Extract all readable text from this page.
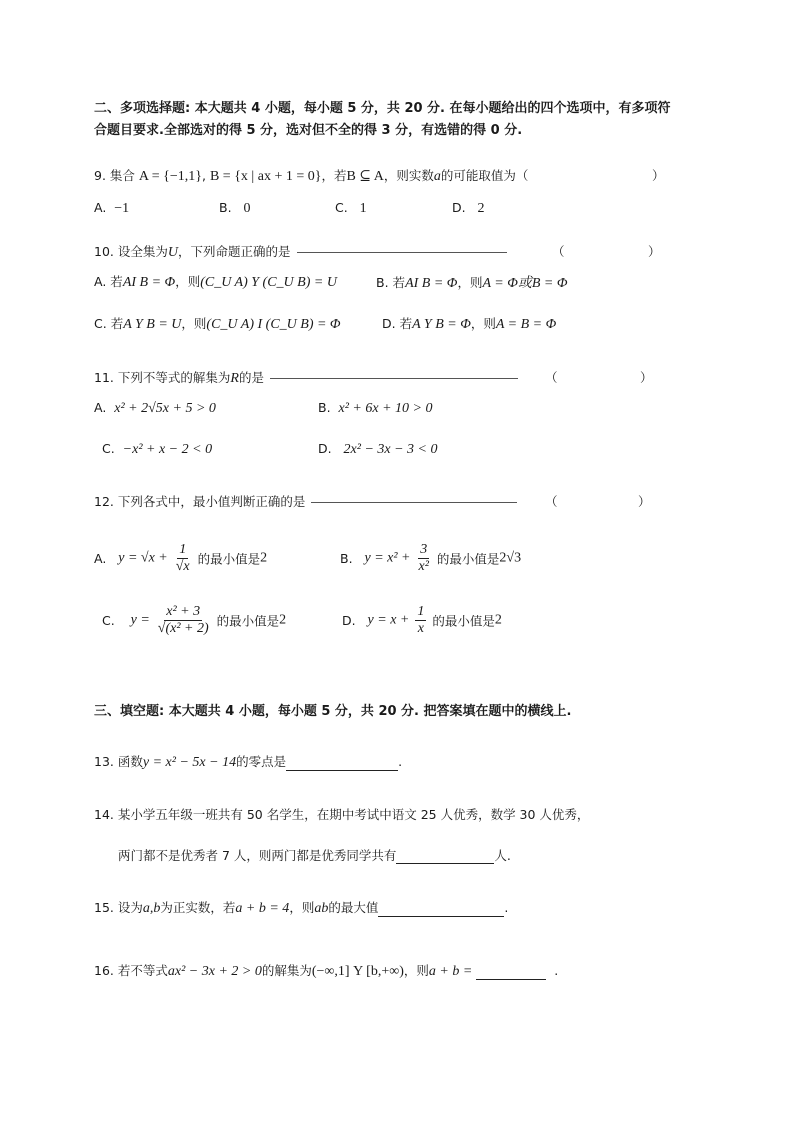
二、多项选择题: 本大题共 4 小题，每小题 5 分，共 20 分. 在每小题给出的四个选项中，有多项符
合题目要求.全部选对的得 5 分，选对但不全的得 3 分，有选错的得 0 分.
9. 集合 A = {−1,1}, B = {x | ax + 1 = 0}，若B ⊆ A，则实数a的可能取值为（	）
A. −1	B. 0	C. 1	D. 2
10. 设全集为U，下列命题正确的是	（	）
A. 若AI B = Φ，则(C_U A) Y (C_U B) = U	B. 若AI B = Φ，则A = Φ或B = Φ
C. 若A Y B = U，则(C_U A) I (C_U B) = Φ	D. 若A Y B = Φ，则A = B = Φ
11. 下列不等式的解集为R的是	（	）
A. x² + 2√5x + 5 > 0	B. x² + 6x + 10 > 0
C. −x² + x − 2 < 0	D. 2x² − 3x − 3 < 0
12. 下列各式中，最小值判断正确的是	（	）
A. $y = √x + \frac{1}{√x}$ 的最小值是2	B. $y = x^2 + \frac{3}{\text{x²}}$ 的最小值是2√3
C. $y = \frac{\text{x² + 3}}{\text{√(x² + 2)}}$ 的最小值是2	D. $y = x + \frac{1}{x}$ 的最小值是2
三、填空题: 本大题共 4 小题，每小题 5 分，共 20 分. 把答案填在题中的横线上.
13. 函数y = x² − 5x − 14的零点是	.
14. 某小学五年级一班共有 50 名学生，在期中考试中语文 25 人优秀，数学 30 人优秀，
两门都不是优秀者 7 人，则两门都是优秀同学共有	人.
15. 设为a,b为正实数，若a + b = 4，则ab的最大值	.
16. 若不等式ax² − 3x + 2 > 0的解集为(−∞,1] Y [b,+∞)，则a + b =	.
